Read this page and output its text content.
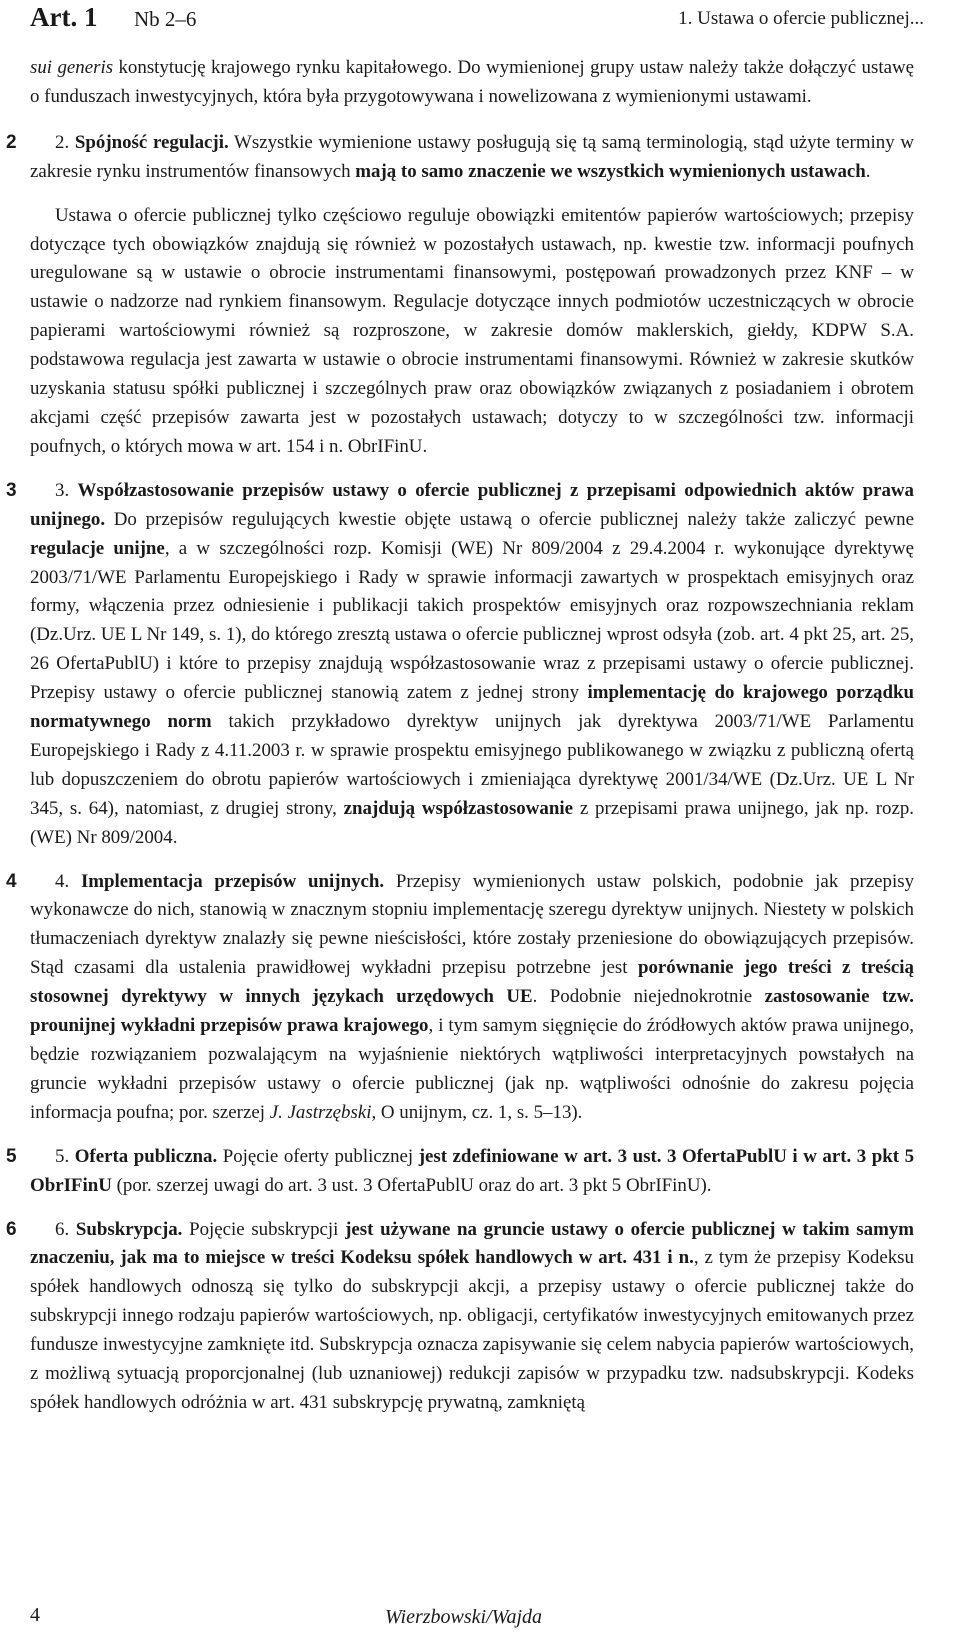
Art. 1 Nb 2–6	1. Ustawa o ofercie publicznej...

sui generis konstytucję krajowego rynku kapitałowego. Do wymienionej grupy ustaw należy także dołączyć ustawę o funduszach inwestycyjnych, która była przygotowywana i nowelizowana z wymienionymi ustawami.

2 2. Spójność regulacji. Wszystkie wymienione ustawy posługują się tą samą terminologią, stąd użyte terminy w zakresie rynku instrumentów finansowych mają to samo znaczenie we wszystkich wymienionych ustawach.

Ustawa o ofercie publicznej tylko częściowo reguluje obowiązki emitentów papierów wartościowych; przepisy dotyczące tych obowiązków znajdują się również w pozostałych ustawach, np. kwestie tzw. informacji poufnych uregulowane są w ustawie o obrocie instrumentami finansowymi, postępowań prowadzonych przez KNF – w ustawie o nadzorze nad rynkiem finansowym. Regulacje dotyczące innych podmiotów uczestniczących w obrocie papierami wartościowymi również są rozproszone, w zakresie domów maklerskich, giełdy, KDPW S.A. podstawowa regulacja jest zawarta w ustawie o obrocie instrumentami finansowymi. Również w zakresie skutków uzyskania statusu spółki publicznej i szczególnych praw oraz obowiązków związanych z posiadaniem i obrotem akcjami część przepisów zawarta jest w pozostałych ustawach; dotyczy to w szczególności tzw. informacji poufnych, o których mowa w art. 154 i n. ObrIFinU.

3 3. Współzastosowanie przepisów ustawy o ofercie publicznej z przepisami odpowiednich aktów prawa unijnego. Do przepisów regulujących kwestie objęte ustawą o ofercie publicznej należy także zaliczyć pewne regulacje unijne, a w szczególności rozp. Komisji (WE) Nr 809/2004 z 29.4.2004 r. wykonujące dyrektywę 2003/71/WE Parlamentu Europejskiego i Rady w sprawie informacji zawartych w prospektach emisyjnych oraz formy, włączenia przez odniesienie i publikacji takich prospektów emisyjnych oraz rozpowszechniania reklam (Dz.Urz. UE L Nr 149, s. 1), do którego zresztą ustawa o ofercie publicznej wprost odsyła (zob. art. 4 pkt 25, art. 25, 26 OfertaPublU) i które to przepisy znajdują współzastosowanie wraz z przepisami ustawy o ofercie publicznej. Przepisy ustawy o ofercie publicznej stanowią zatem z jednej strony implementację do krajowego porządku normatywnego norm takich przykładowo dyrektyw unijnych jak dyrektywa 2003/71/WE Parlamentu Europejskiego i Rady z 4.11.2003 r. w sprawie prospektu emisyjnego publikowanego w związku z publiczną ofertą lub dopuszczeniem do obrotu papierów wartościowych i zmieniająca dyrektywę 2001/34/WE (Dz.Urz. UE L Nr 345, s. 64), natomiast, z drugiej strony, znajdują współzastosowanie z przepisami prawa unijnego, jak np. rozp. (WE) Nr 809/2004.

4 4. Implementacja przepisów unijnych. Przepisy wymienionych ustaw polskich, podobnie jak przepisy wykonawcze do nich, stanowią w znacznym stopniu implementację szeregu dyrektyw unijnych. Niestety w polskich tłumaczeniach dyrektyw znalazły się pewne nieścisłości, które zostały przeniesione do obowiązujących przepisów. Stąd czasami dla ustalenia prawidłowej wykładni przepisu potrzebne jest porównanie jego treści z treścią stosownej dyrektywy w innych językach urzędowych UE. Podobnie niejednokrotnie zastosowanie tzw. prounijnej wykładni przepisów prawa krajowego, i tym samym sięgnięcie do źródłowych aktów prawa unijnego, będzie rozwiązaniem pozwalającym na wyjaśnienie niektórych wątpliwości interpretacyjnych powstałych na gruncie wykładni przepisów ustawy o ofercie publicznej (jak np. wątpliwości odnośnie do zakresu pojęcia informacja poufna; por. szerzej J. Jastrzębski, O unijnym, cz. 1, s. 5–13).

5 5. Oferta publiczna. Pojęcie oferty publicznej jest zdefiniowane w art. 3 ust. 3 OfertaPublU i w art. 3 pkt 5 ObrIFinU (por. szerzej uwagi do art. 3 ust. 3 OfertaPublU oraz do art. 3 pkt 5 ObrIFinU).

6 6. Subskrypcja. Pojęcie subskrypcji jest używane na gruncie ustawy o ofercie publicznej w takim samym znaczeniu, jak ma to miejsce w treści Kodeksu spółek handlowych w art. 431 i n., z tym że przepisy Kodeksu spółek handlowych odnoszą się tylko do subskrypcji akcji, a przepisy ustawy o ofercie publicznej także do subskrypcji innego rodzaju papierów wartościowych, np. obligacji, certyfikatów inwestycyjnych emitowanych przez fundusze inwestycyjne zamknięte itd. Subskrypcja oznacza zapisywanie się celem nabycia papierów wartościowych, z możliwą sytuacją proporcjonalnej (lub uznaniowej) redukcji zapisów w przypadku tzw. nadsubskrypcji. Kodeks spółek handlowych odróżnia w art. 431 subskrypcję prywatną, zamkniętą

4	Wierzbowski/Wajda
